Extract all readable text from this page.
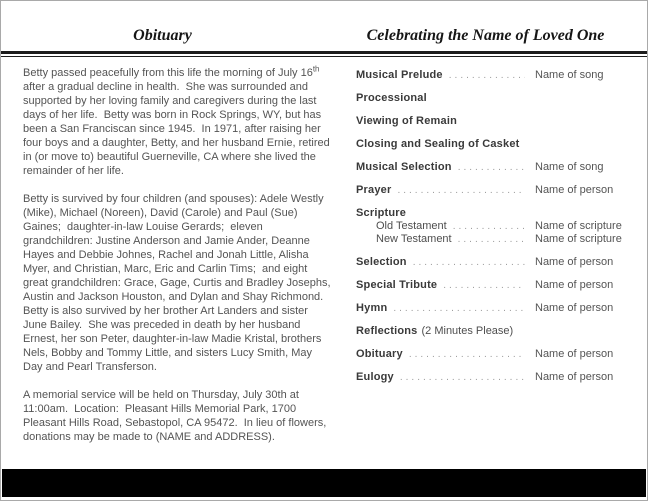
Obituary	Celebrating the Name of Loved One

Betty passed peacefully from this life the morning of July 16th after a gradual decline in health.  She was surrounded and supported by her loving family and caregivers during the last days of her life.  Betty was born in Rock Springs, WY, but has been a San Franciscan since 1945.  In 1971, after raising her four boys and a daughter, Betty, and her husband Ernie, retired in (or move to) beautiful Guerneville, CA where she lived the remainder of her life.

Betty is survived by four children (and spouses): Adele Westly (Mike), Michael (Noreen), David (Carole) and Paul (Sue) Gaines;  daughter-in-law Louise Gerards;  eleven grandchildren: Justine Anderson and Jamie Ander, Deanne Hayes and Debbie Johnes, Rachel and Jonah Little, Alisha Myer, and Christian, Marc, Eric and Carlin Tims;  and eight great grandchildren: Grace, Gage, Curtis and Bradley Josephs, Austin and Jackson Houston, and Dylan and Shay Richmond.  Betty is also survived by her brother Art Landers and sister June Bailey.  She was preceded in death by her husband Ernest, her son Peter, daughter-in-law Madie Kristal, brothers Nels, Bobby and Tommy Little, and sisters Lucy Smith, May Day and Pearl Transferson.

A memorial service will be held on Thursday, July 30th at 11:00am.  Location:  Pleasant Hills Memorial Park, 1700 Pleasant Hills Road, Sebastopol, CA 95472.  In lieu of flowers, donations may be made to (NAME and ADDRESS).

Musical Prelude .....	Name of song
Processional
Viewing of Remain
Closing and Sealing of Casket
Musical Selection .....	Name of song
Prayer .....	Name of person
Scripture
Old Testament .....	Name of scripture
New Testament .....	Name of scripture
Selection .....	Name of person
Special Tribute .....	Name of person
Hymn .....	Name of person
Reflections (2 Minutes Please)
Obituary .....	Name of person
Eulogy .....	Name of person
